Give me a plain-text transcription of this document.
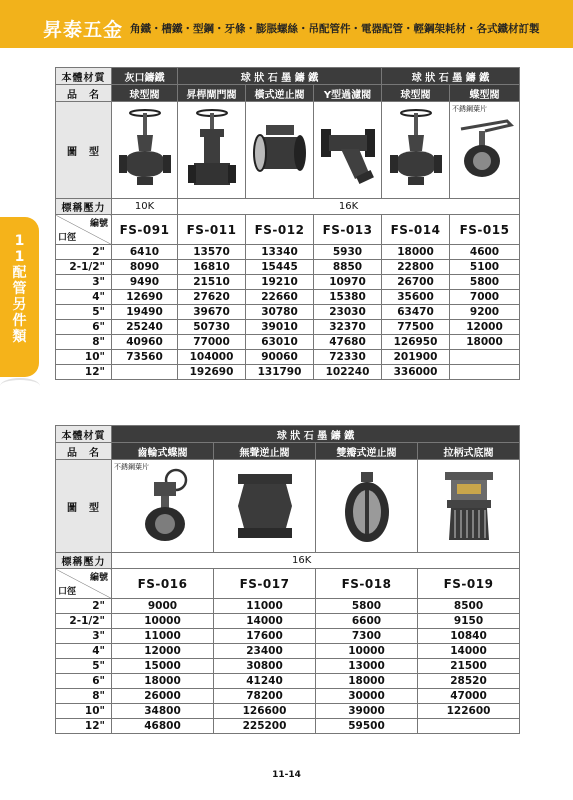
昇泰五金 角鐵・槽鐵・型鋼・牙條・膨脹螺絲・吊配管件・電器配管・輕鋼架耗材・各式鐵材訂製
11配管另件類
本體材質	灰口鑄鐵	球 狀 石 墨 鑄 鐵			球 狀 石 墨 鑄 鐵	
品　名	球型閥	昇桿閘門閥	橫式逆止閥	Y型過濾閥	球型閥	蝶型閥
圖　型						不銹鋼葉片

標稱壓力	10K	16K				

編號
口徑	FS-091	FS-011	FS-012	FS-013	FS-014	FS-015
2"	6410	13570	13340	5930	18000	4600
2-1/2"	8090	16810	15445	8850	22800	5100
3"	9490	21510	19210	10970	26700	5800
4"	12690	27620	22660	15380	35600	7000
5"	19490	39670	30780	23030	63470	9200
6"	25240	50730	39010	32370	77500	12000
8"	40960	77000	63010	47680	126950	18000
10"	73560	104000	90060	72330	201900	
12"		192690	131790	102240	336000	
本體材質	球 狀 石 墨 鑄 鐵			
品　名	齒輪式蝶閥	無聲逆止閥	雙瓣式逆止閥	拉柄式底閥
圖　型	不銹鋼葉片

標稱壓力	16K			

編號
口徑	FS-016	FS-017	FS-018	FS-019
2"	9000	11000	5800	8500
2-1/2"	10000	14000	6600	9150
3"	11000	17600	7300	10840
4"	12000	23400	10000	14000
5"	15000	30800	13000	21500
6"	18000	41240	18000	28520
8"	26000	78200	30000	47000
10"	34800	126600	39000	122600
12"	46800	225200	59500	
11-14
